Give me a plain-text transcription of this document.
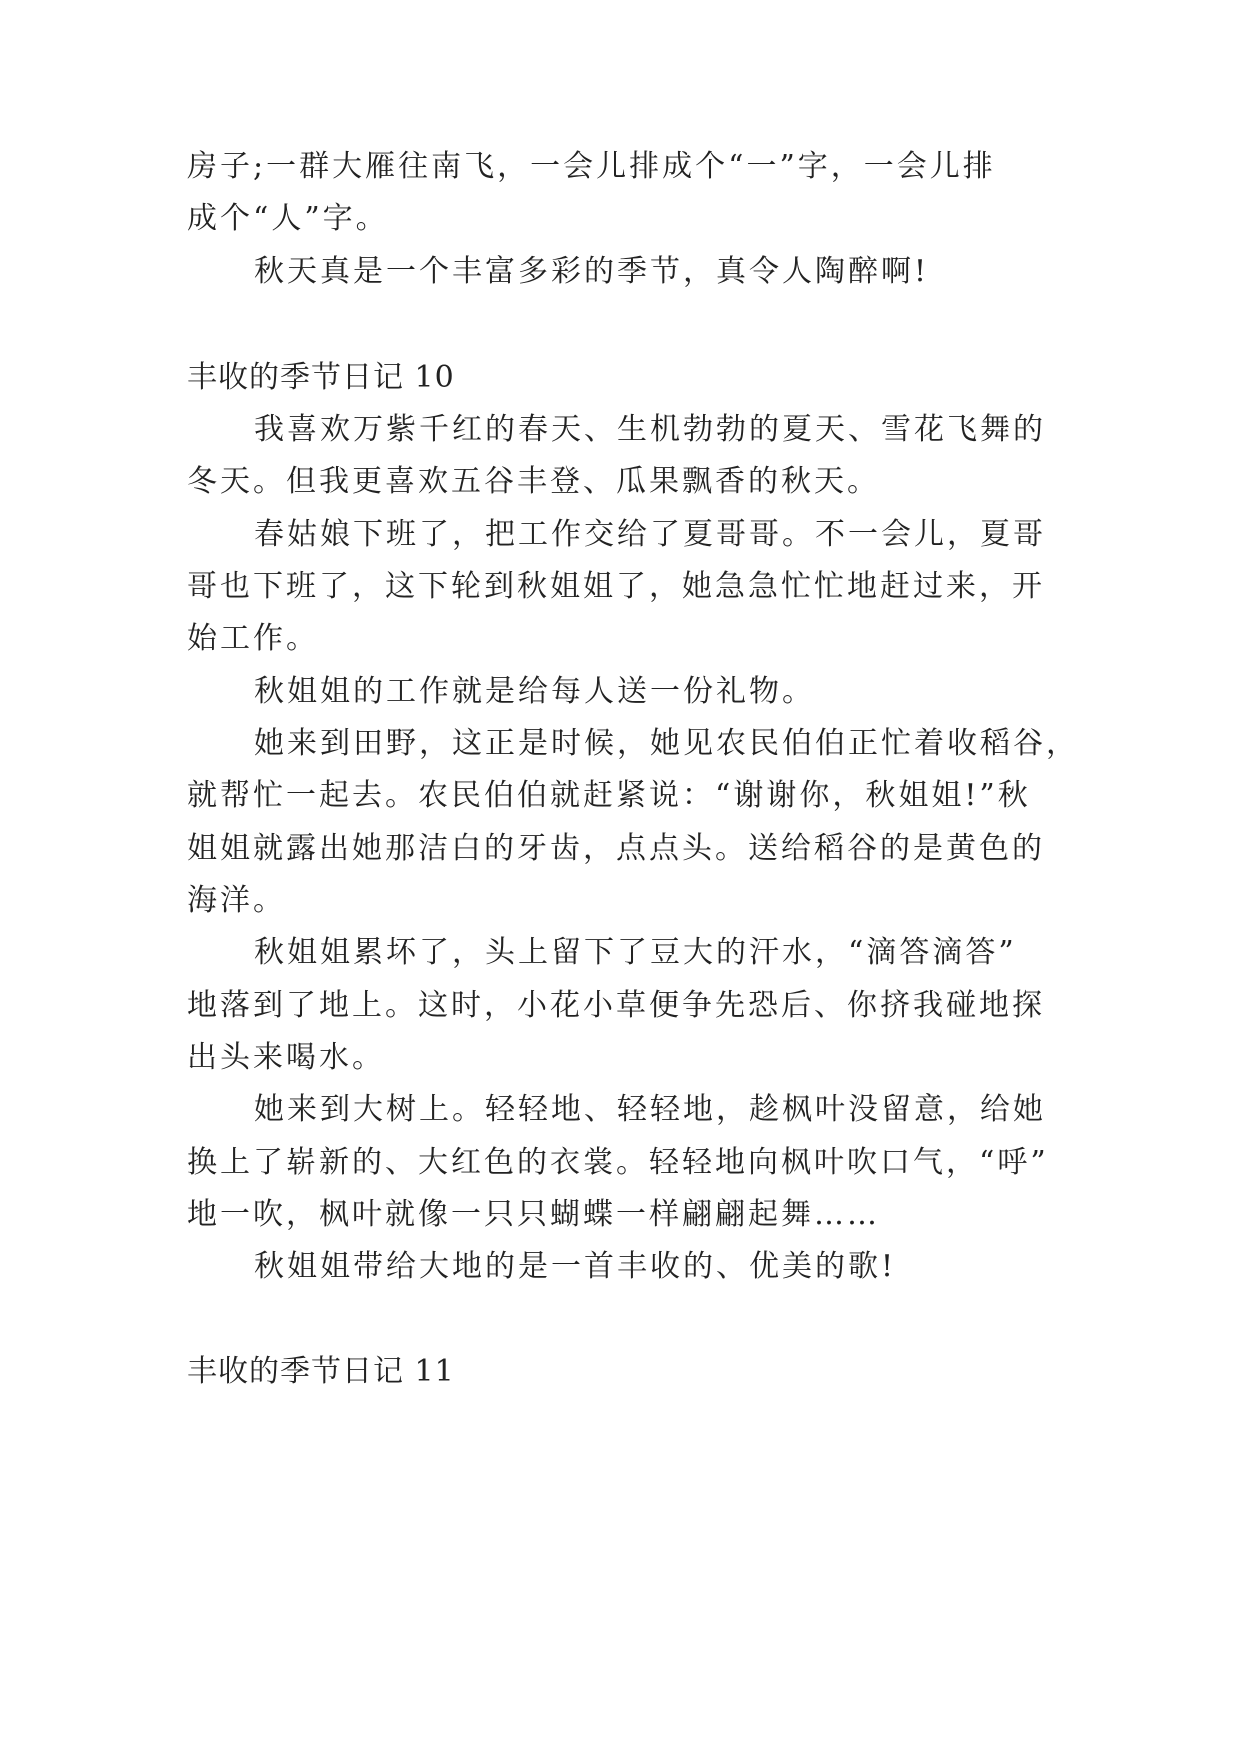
房子;一群大雁往南飞，一会儿排成个“一”字，一会儿排
成个“人”字。
秋天真是一个丰富多彩的季节，真令人陶醉啊!
丰收的季节日记 10
我喜欢万紫千红的春天、生机勃勃的夏天、雪花飞舞的
冬天。但我更喜欢五谷丰登、瓜果飘香的秋天。
春姑娘下班了，把工作交给了夏哥哥。不一会儿，夏哥
哥也下班了，这下轮到秋姐姐了，她急急忙忙地赶过来，开
始工作。
秋姐姐的工作就是给每人送一份礼物。
她来到田野，这正是时候，她见农民伯伯正忙着收稻谷，
就帮忙一起去。农民伯伯就赶紧说：“谢谢你，秋姐姐!”秋
姐姐就露出她那洁白的牙齿，点点头。送给稻谷的是黄色的
海洋。
秋姐姐累坏了，头上留下了豆大的汗水，“滴答滴答”
地落到了地上。这时，小花小草便争先恐后、你挤我碰地探
出头来喝水。
她来到大树上。轻轻地、轻轻地，趁枫叶没留意，给她
换上了崭新的、大红色的衣裳。轻轻地向枫叶吹口气，“呼”
地一吹，枫叶就像一只只蝴蝶一样翩翩起舞……
秋姐姐带给大地的是一首丰收的、优美的歌!
丰收的季节日记 11
